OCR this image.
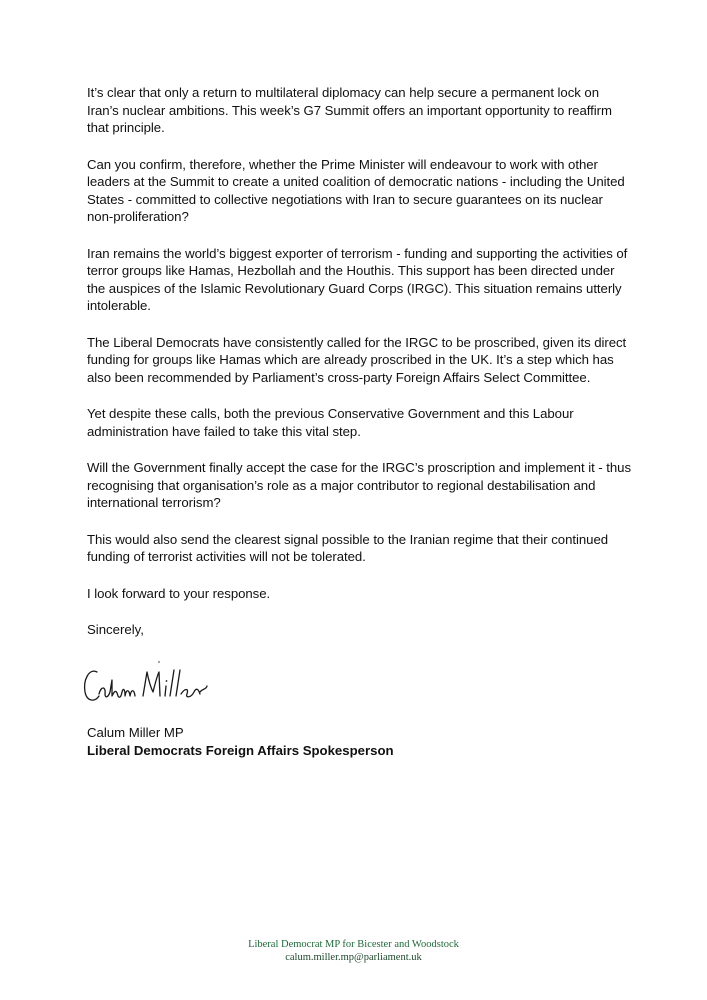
It’s clear that only a return to multilateral diplomacy can help secure a permanent lock on Iran’s nuclear ambitions. This week’s G7 Summit offers an important opportunity to reaffirm that principle.

Can you confirm, therefore, whether the Prime Minister will endeavour to work with other leaders at the Summit to create a united coalition of democratic nations - including the United States - committed to collective negotiations with Iran to secure guarantees on its nuclear non-proliferation?

Iran remains the world’s biggest exporter of terrorism - funding and supporting the activities of terror groups like Hamas, Hezbollah and the Houthis. This support has been directed under the auspices of the Islamic Revolutionary Guard Corps (IRGC). This situation remains utterly intolerable.

The Liberal Democrats have consistently called for the IRGC to be proscribed, given its direct funding for groups like Hamas which are already proscribed in the UK. It’s a step which has also been recommended by Parliament’s cross-party Foreign Affairs Select Committee.

Yet despite these calls, both the previous Conservative Government and this Labour administration have failed to take this vital step.

Will the Government finally accept the case for the IRGC’s proscription and implement it - thus recognising that organisation’s role as a major contributor to regional destabilisation and international terrorism?

This would also send the clearest signal possible to the Iranian regime that their continued funding of terrorist activities will not be tolerated.

I look forward to your response.

Sincerely,

Calum Miller MP

Liberal Democrats Foreign Affairs Spokesperson

Liberal Democrat MP for Bicester and Woodstock
calum.miller.mp@parliament.uk
